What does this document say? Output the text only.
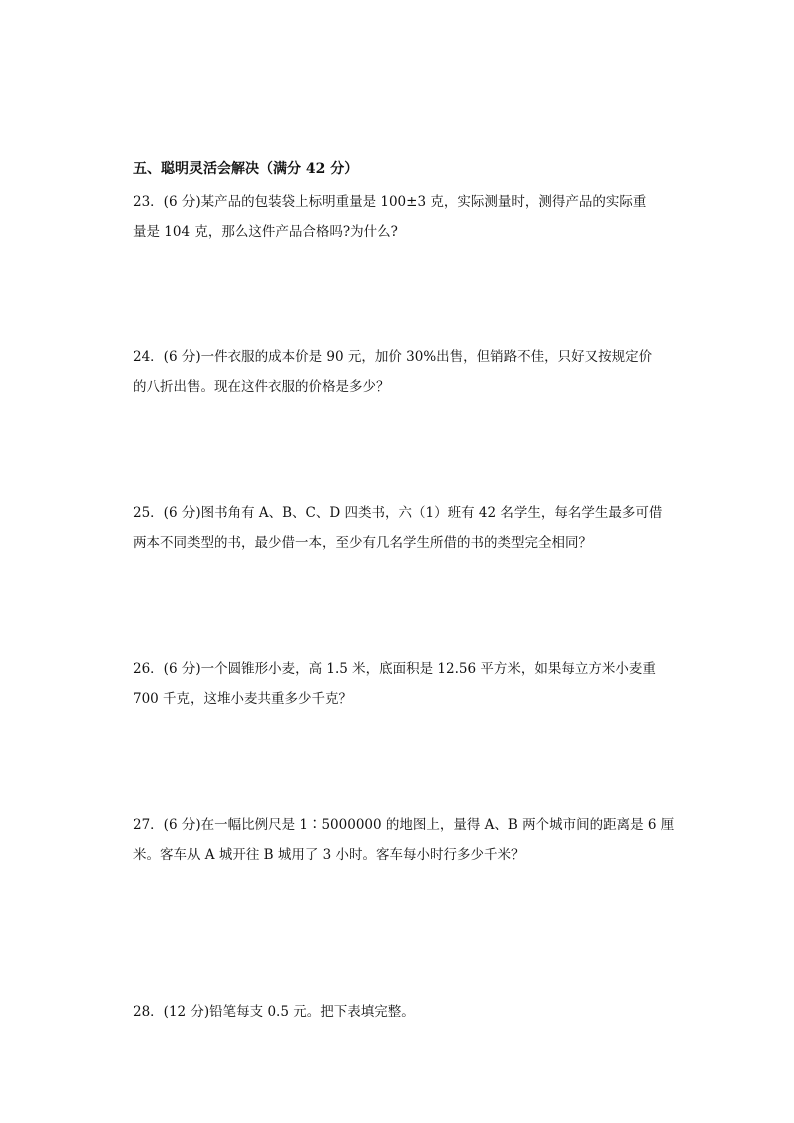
五、聪明灵活会解决（满分 42 分）

23．(6 分)某产品的包装袋上标明重量是 100±3 克，实际测量时，测得产品的实际重

量是 104 克，那么这件产品合格吗?为什么?

24．(6 分)一件衣服的成本价是 90 元，加价 30%出售，但销路不佳，只好又按规定价

的八折出售。现在这件衣服的价格是多少？

25．(6 分)图书角有 A、B、C、D 四类书，六（1）班有 42 名学生，每名学生最多可借

两本不同类型的书，最少借一本，至少有几名学生所借的书的类型完全相同？

26．(6 分)一个圆锥形小麦，高 1.5 米，底面积是 12.56 平方米，如果每立方米小麦重

700 千克，这堆小麦共重多少千克？

27．(6 分)在一幅比例尺是 1∶5000000 的地图上，量得 A、B 两个城市间的距离是 6 厘

米。客车从 A 城开往 B 城用了 3 小时。客车每小时行多少千米？

28．(12 分)铅笔每支 0.5 元。把下表填完整。
